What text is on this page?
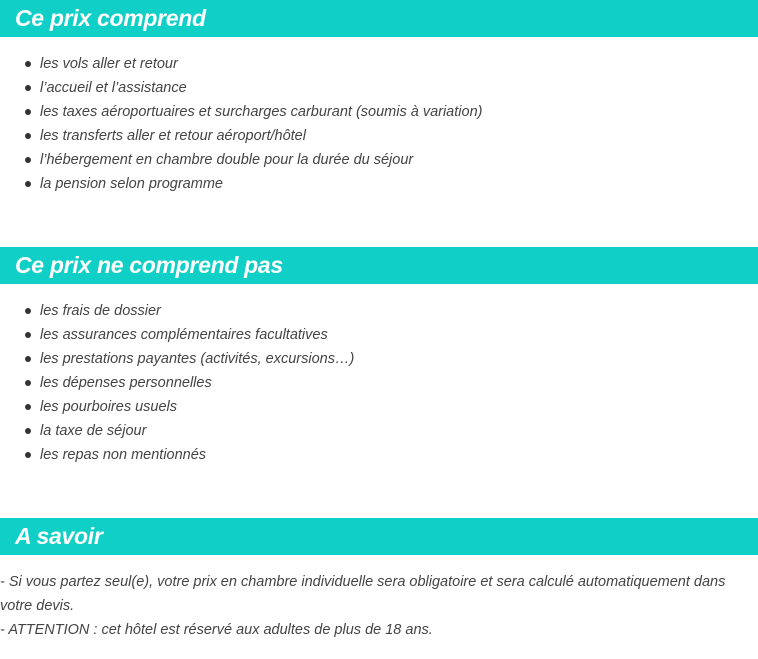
Ce prix comprend
les vols aller et retour
l’accueil et l’assistance
les taxes aéroportuaires et surcharges carburant (soumis à variation)
les transferts aller et retour aéroport/hôtel
l’hébergement en chambre double pour la durée du séjour
la pension selon programme
Ce prix ne comprend pas
les frais de dossier
les assurances complémentaires facultatives
les prestations payantes (activités, excursions…)
les dépenses personnelles
les pourboires usuels
la taxe de séjour
les repas non mentionnés
A savoir

- Si vous partez seul(e), votre prix en chambre individuelle sera obligatoire et sera calculé automatiquement dans votre devis.

- ATTENTION : cet hôtel est réservé aux adultes de plus de 18 ans.
